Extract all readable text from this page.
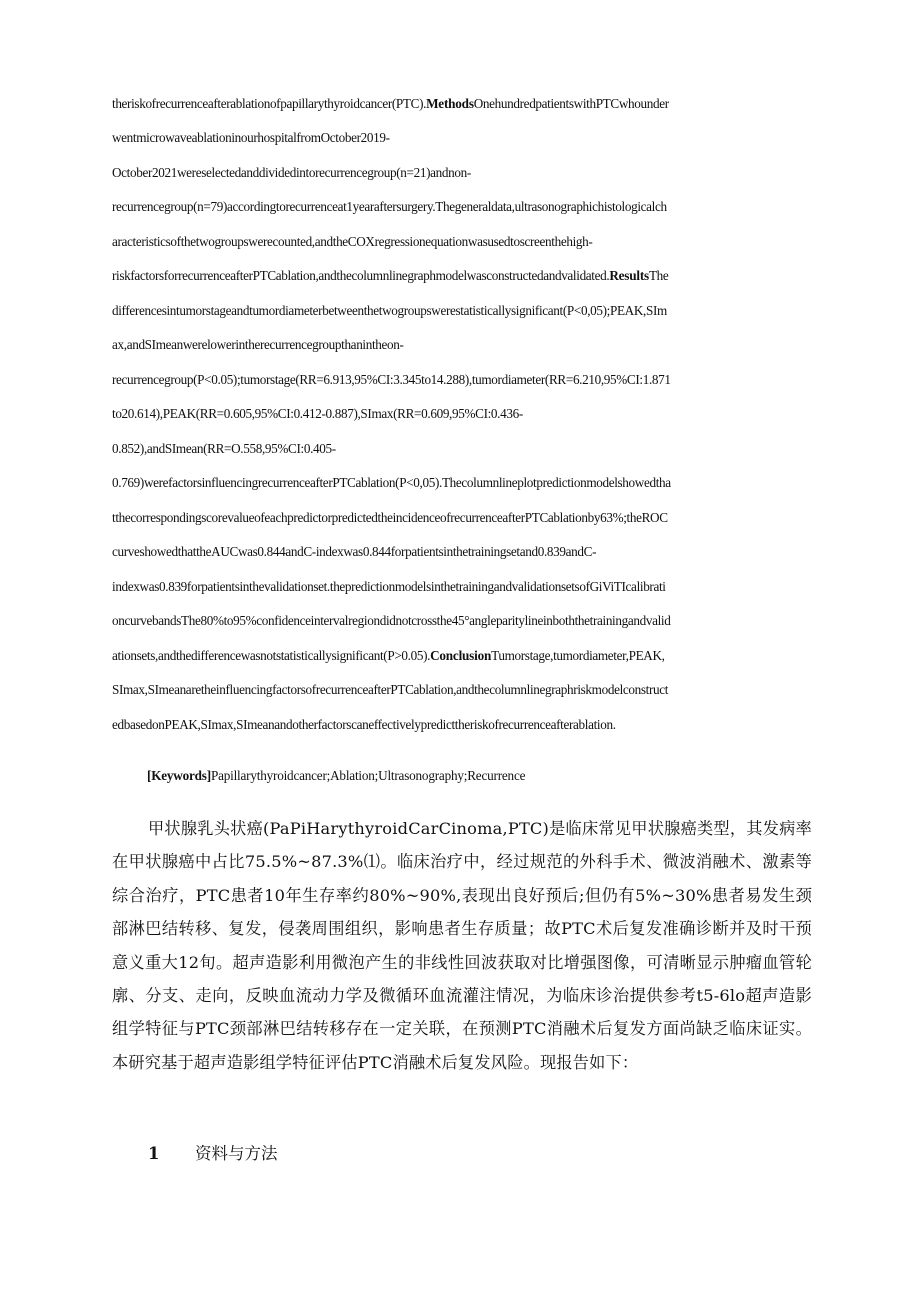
theriskofrecurrenceafterablationofpapillarythyroidcancer(PTC).MethodsOnehundredpatientswithPTCwhounder
wentmicrowaveablationinourhospitalfromOctober2019-
October2021wereselectedanddividedintorecurrencegroup(n=21)andnon-
recurrencegroup(n=79)accordingtorecurrenceat1yearaftersurgery.Thegeneraldata,ultrasonographichistologicalch
aracteristicsofthetwogroupswerecounted,andtheCOXregressionequationwasusedtoscreenthehigh-
riskfactorsforrecurrenceafterPTCablation,andthecolumnlinegraphmodelwasconstructedandvalidated.ResultsThe
differencesintumorstageandtumordiameterbetweenthetwogroupswerestatisticallysignificant(P<0,05);PEAK,SIm
ax,andSImeanwerelowerintherecurrencegroupthanintheon-
recurrencegroup(P<0.05);tumorstage(RR=6.913,95%CI:3.345to14.288),tumordiameter(RR=6.210,95%CI:1.871
to20.614),PEAK(RR=0.605,95%CI:0.412-0.887),SImax(RR=0.609,95%CI:0.436-
0.852),andSImean(RR=O.558,95%CI:0.405-
0.769)werefactorsinfluencingrecurrenceafterPTCablation(P<0,05).Thecolumnlineplotpredictionmodelshowedtha
tthecorrespondingscorevalueofeachpredictorpredictedtheincidenceofrecurrenceafterPTCablationby63%;theROC
curveshowedthattheAUCwas0.844andC-indexwas0.844forpatientsinthetrainingsetand0.839andC-
indexwas0.839forpatientsinthevalidationset.thepredictionmodelsinthetrainingandvalidationsetsofGiViTIcalibrati
oncurvebandsThe80%to95%confidenceintervalregiondidnotcrossthe45°angleparitylineinboththetrainingandvalid
ationsets,andthedifferencewasnotstatisticallysignificant(P>0.05).ConclusionTumorstage,tumordiameter,PEAK,
SImax,SImeanaretheinfluencingfactorsofrecurrenceafterPTCablation,andthecolumnlinegraphriskmodelconstruct
edbasedonPEAK,SImax,SImeanandotherfactorscaneffectivelypredicttheriskofrecurrenceafterablation.
[Keywords]Papillarythyroidcancer;Ablation;Ultrasonography;Recurrence
甲状腺乳头状癌(PaPiHarythyroidCarCinoma,PTC)是临床常见甲状腺癌类型，其发病率在甲状腺癌中占比75.5%~87.3%⑴。临床治疗中，经过规范的外科手术、微波消融术、激素等综合治疗，PTC患者10年生存率约80%~90%,表现出良好预后;但仍有5%~30%患者易发生颈部淋巴结转移、复发，侵袭周围组织，影响患者生存质量；故PTC术后复发准确诊断并及时干预意义重大12旬。超声造影利用微泡产生的非线性回波获取对比增强图像，可清晰显示肿瘤血管轮廓、分支、走向，反映血流动力学及微循环血流灌注情况，为临床诊治提供参考t5-6lo超声造影组学特征与PTC颈部淋巴结转移存在一定关联，在预测PTC消融术后复发方面尚缺乏临床证实。本研究基于超声造影组学特征评估PTC消融术后复发风险。现报告如下：
1 资料与方法
